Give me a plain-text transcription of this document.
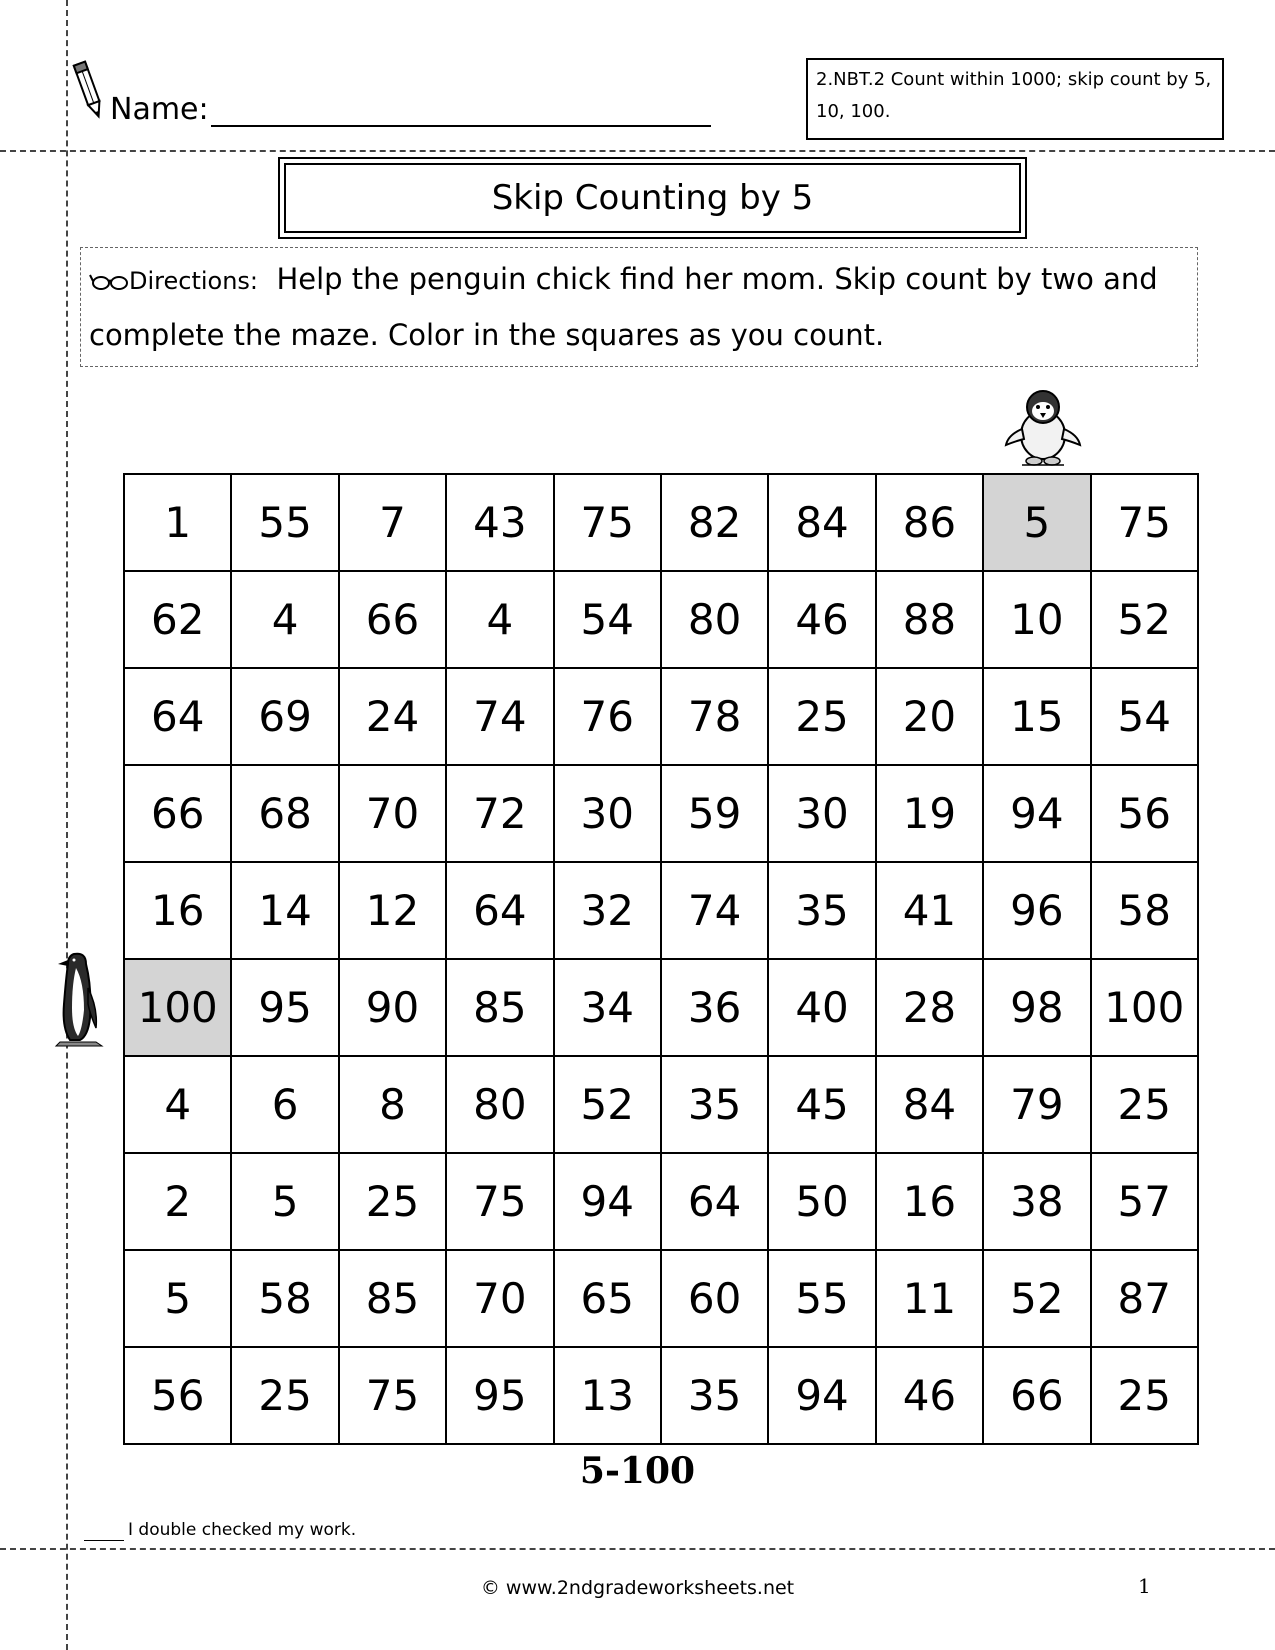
Name:
2.NBT.2 Count within 1000; skip count by 5, 10, 100.
Skip Counting by 5
Directions: Help the penguin chick find her mom. Skip count by two and complete the maze. Color in the squares as you count.
1	55	7	43	75	82	84	86	5	75
62	4	66	4	54	80	46	88	10	52
64	69	24	74	76	78	25	20	15	54
66	68	70	72	30	59	30	19	94	56
16	14	12	64	32	74	35	41	96	58
100	95	90	85	34	36	40	28	98	100
4	6	8	80	52	35	45	84	79	25
2	5	25	75	94	64	50	16	38	57
5	58	85	70	65	60	55	11	52	87
56	25	75	95	13	35	94	46	66	25
5-100
I double checked my work.
© www.2ndgradeworksheets.net	1
